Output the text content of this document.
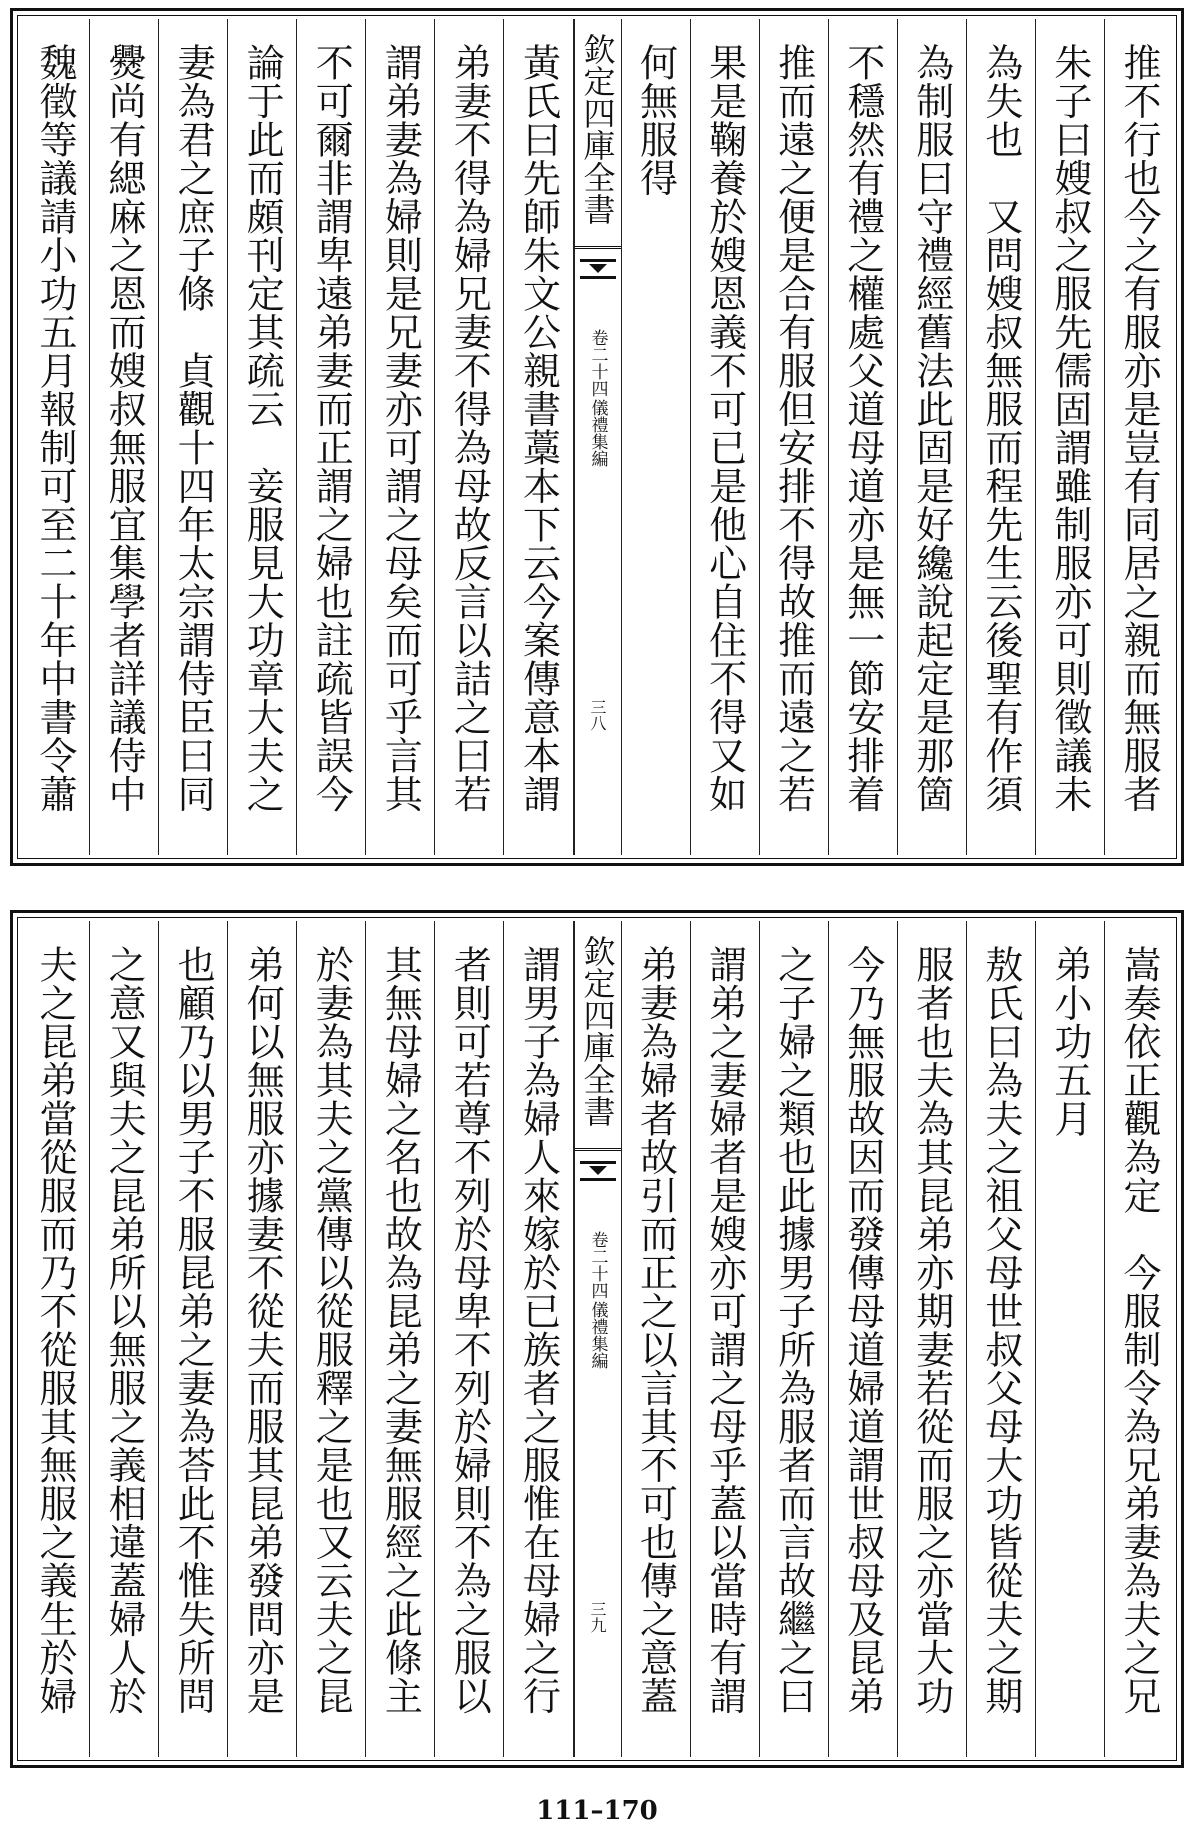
推不行也今之有服亦是豈有同居之親而無服者
朱子曰嫂叔之服先儒固謂雖制服亦可則徵議未
為失也　又問嫂叔無服而程先生云後聖有作須
為制服曰守禮經舊法此固是好纔說起定是那箇
不穩然有禮之權處父道母道亦是無一節安排着
推而遠之便是合有服但安排不得故推而遠之若
果是鞠養於嫂恩義不可已是他心自住不得又如
何無服得
欽定四庫全書
儀禮集編
卷二十四
三八
黃氏曰先師朱文公親書藁本下云今案傳意本謂
弟妻不得為婦兄妻不得為母故反言以詰之曰若
謂弟妻為婦則是兄妻亦可謂之母矣而可乎言其
不可爾非謂卑遠弟妻而正謂之婦也註疏皆誤今
論于此而頗刊定其疏云　妾服見大功章大夫之
妻為君之庶子條　貞觀十四年太宗謂侍臣曰同
㸑尚有緦麻之恩而嫂叔無服宜集學者詳議侍中
魏徵等議請小功五月報制可至二十年中書令蕭
嵩奏依正觀為定　今服制令為兄弟妻為夫之兄
弟小功五月
敖氏曰為夫之祖父母世叔父母大功皆從夫之期
服者也夫為其昆弟亦期妻若從而服之亦當大功
今乃無服故因而發傳母道婦道謂世叔母及昆弟
之子婦之類也此據男子所為服者而言故繼之曰
謂弟之妻婦者是嫂亦可謂之母乎蓋以當時有謂
弟妻為婦者故引而正之以言其不可也傳之意蓋
欽定四庫全書
儀禮集編
卷二十四
三九
謂男子為婦人來嫁於已族者之服惟在母婦之行
者則可若尊不列於母卑不列於婦則不為之服以
其無母婦之名也故為昆弟之妻無服經之此條主
於妻為其夫之黨傳以從服釋之是也又云夫之昆
弟何以無服亦據妻不從夫而服其昆弟發問亦是
也顧乃以男子不服昆弟之妻為荅此不惟失所問
之意又與夫之昆弟所以無服之義相違蓋婦人於
夫之昆弟當從服而乃不從服其無服之義生於婦
111–170
